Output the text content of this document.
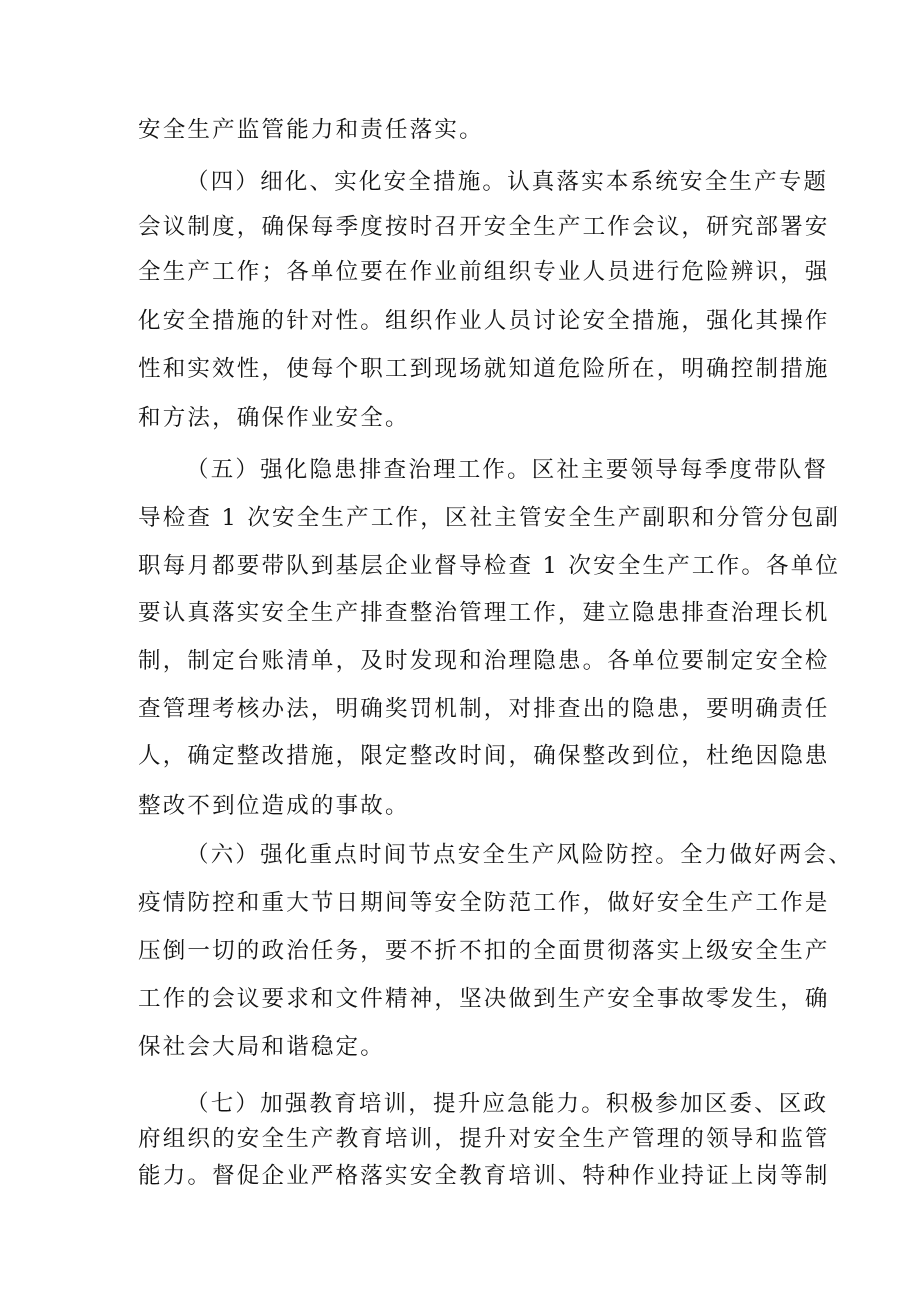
安全生产监管能力和责任落实。
（四）细化、实化安全措施。认真落实本系统安全生产专题
会议制度，确保每季度按时召开安全生产工作会议，研究部署安
全生产工作；各单位要在作业前组织专业人员进行危险辨识，强
化安全措施的针对性。组织作业人员讨论安全措施，强化其操作
性和实效性，使每个职工到现场就知道危险所在，明确控制措施
和方法，确保作业安全。
（五）强化隐患排查治理工作。区社主要领导每季度带队督
导检查 1 次安全生产工作，区社主管安全生产副职和分管分包副
职每月都要带队到基层企业督导检查 1 次安全生产工作。各单位
要认真落实安全生产排查整治管理工作，建立隐患排查治理长机
制，制定台账清单，及时发现和治理隐患。各单位要制定安全检
查管理考核办法，明确奖罚机制，对排查出的隐患，要明确责任
人，确定整改措施，限定整改时间，确保整改到位，杜绝因隐患
整改不到位造成的事故。
（六）强化重点时间节点安全生产风险防控。全力做好两会、
疫情防控和重大节日期间等安全防范工作，做好安全生产工作是
压倒一切的政治任务，要不折不扣的全面贯彻落实上级安全生产
工作的会议要求和文件精神，坚决做到生产安全事故零发生，确
保社会大局和谐稳定。
（七）加强教育培训，提升应急能力。积极参加区委、区政
府组织的安全生产教育培训，提升对安全生产管理的领导和监管
能力。督促企业严格落实安全教育培训、特种作业持证上岗等制
